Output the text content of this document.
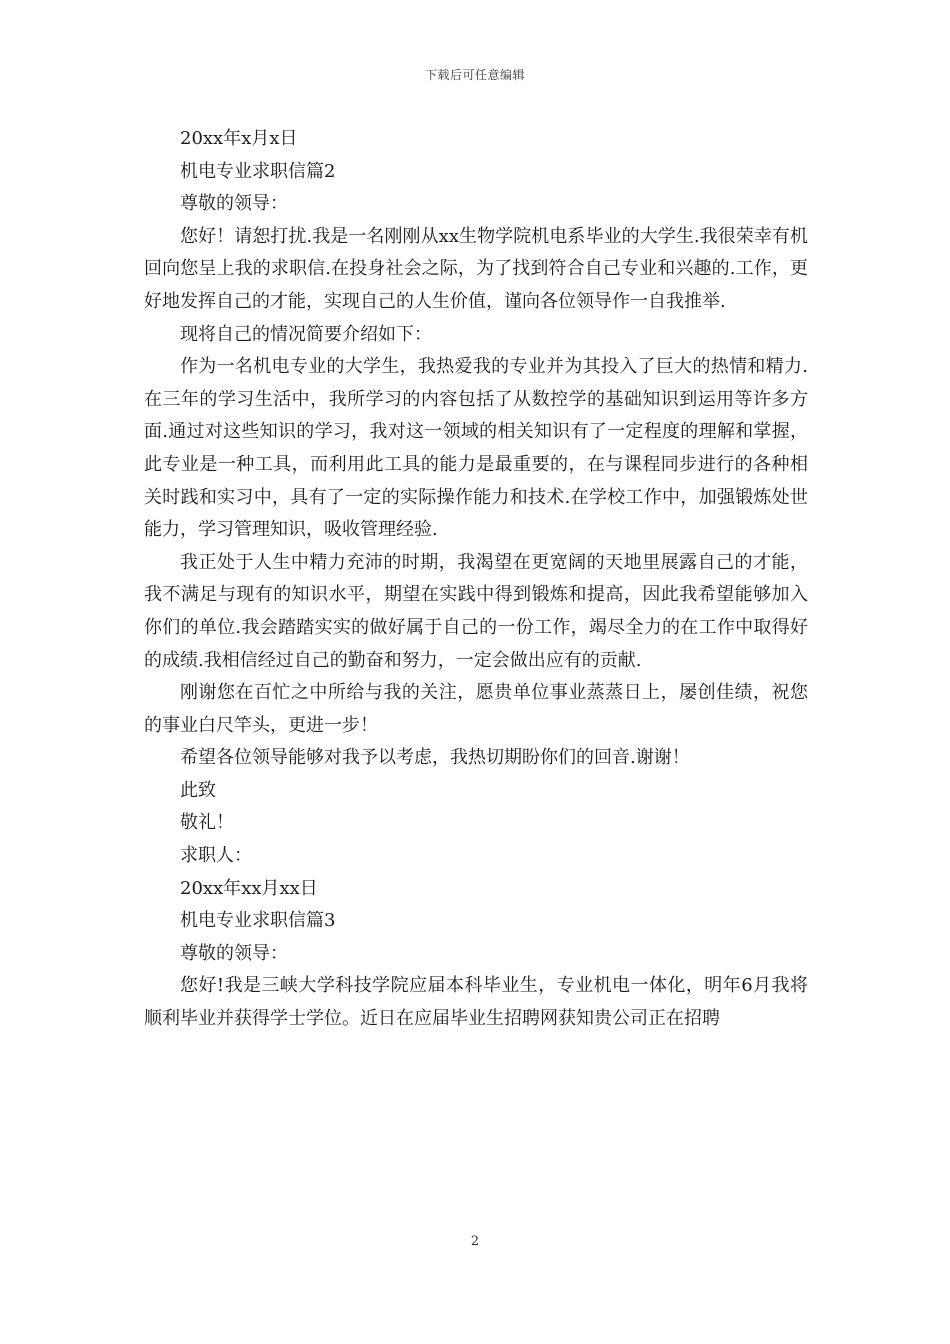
下载后可任意编辑

20xx年x月x日

机电专业求职信篇2

尊敬的领导：

您好！请恕打扰.我是一名刚刚从xx生物学院机电系毕业的大学生.我很荣幸有机回向您呈上我的求职信.在投身社会之际，为了找到符合自己专业和兴趣的.工作，更好地发挥自己的才能，实现自己的人生价值，谨向各位领导作一自我推举.

现将自己的情况简要介绍如下：

作为一名机电专业的大学生，我热爱我的专业并为其投入了巨大的热情和精力.在三年的学习生活中，我所学习的内容包括了从数控学的基础知识到运用等许多方面.通过对这些知识的学习，我对这一领域的相关知识有了一定程度的理解和掌握，此专业是一种工具，而利用此工具的能力是最重要的，在与课程同步进行的各种相关时践和实习中，具有了一定的实际操作能力和技术.在学校工作中，加强锻炼处世能力，学习管理知识，吸收管理经验.

我正处于人生中精力充沛的时期，我渴望在更宽阔的天地里展露自己的才能，我不满足与现有的知识水平，期望在实践中得到锻炼和提高，因此我希望能够加入你们的单位.我会踏踏实实的做好属于自己的一份工作，竭尽全力的在工作中取得好的成绩.我相信经过自己的勤奋和努力，一定会做出应有的贡献.

刚谢您在百忙之中所给与我的关注，愿贵单位事业蒸蒸日上，屡创佳绩，祝您的事业白尺竿头，更进一步！

希望各位领导能够对我予以考虑，我热切期盼你们的回音.谢谢！

此致

敬礼！

求职人：

20xx年xx月xx日

机电专业求职信篇3

尊敬的领导：

您好!我是三峡大学科技学院应届本科毕业生，专业机电一体化，明年6月我将顺利毕业并获得学士学位。近日在应届毕业生招聘网获知贵公司正在招聘

2
